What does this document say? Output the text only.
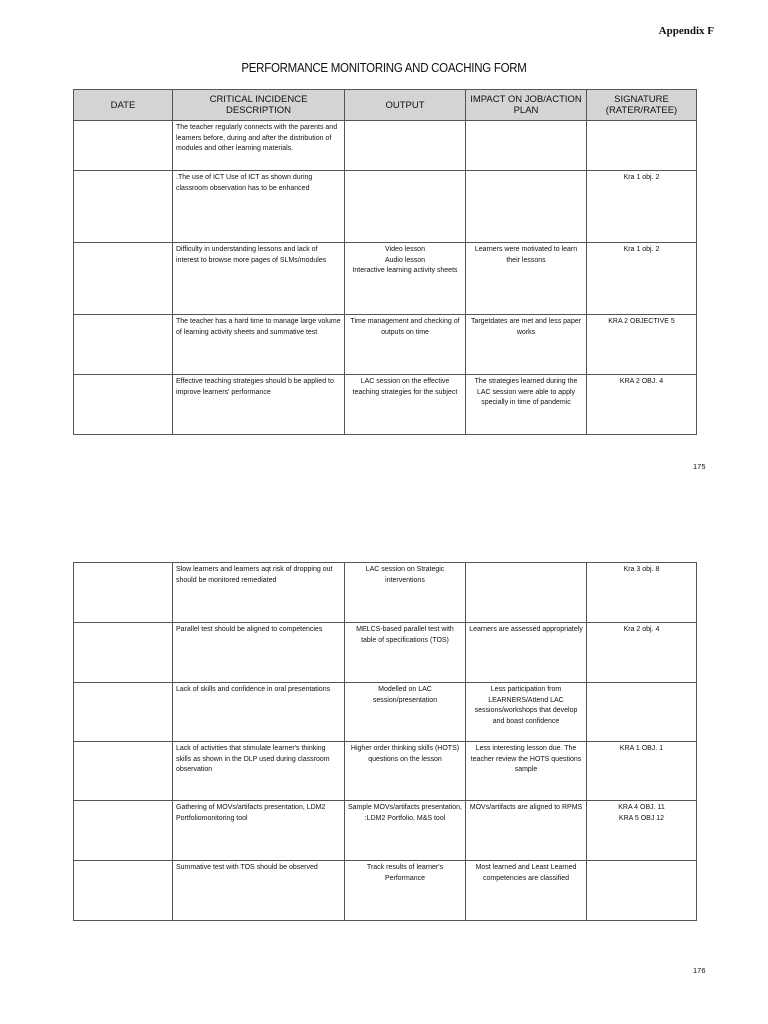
Appendix F
PERFORMANCE MONITORING AND COACHING FORM
DATE	CRITICAL INCIDENCE DESCRIPTION	OUTPUT	IMPACT ON JOB/ACTION PLAN	SIGNATURE (RATER/RATEE)
	The teacher regularly connects with the parents and learners before, during and after the distribution of modules and other learning materials.			
	.The use of ICT Use of ICT as shown during classroom observation has to be enhanced			Kra 1 obj. 2
	Difficulty in understanding lessons and lack of interest to browse more pages of SLMs/modules	Video lesson
Audio lesson
Interactive learning activity sheets	Learners were motivated to learn their lessons	Kra 1 obj. 2
	The teacher has a hard time to manage large volume of learning activity sheets and summative test	Time management and checking of outputs on time	Targetdates are met and less paper works	KRA 2 OBJECTIVE 5
	Effective teaching strategies should b be applied to improve learners' performance	LAC session on the effective teaching strategies for the subject	The strategies learned during the LAC session were able to apply specially in time of pandemic	KRA 2 OBJ. 4
175
	Slow learners and learners aqt risk of dropping out should be monitored remediated	LAC session on Strategic interventions		Kra 3 obj. 8
	Parallel test should be aligned to competencies	MELCS-based parallel test with table of specifications (TOS)	Learners are assessed appropriately	Kra 2 obj. 4
	Lack of skills and confidence in oral presentations	Modelled on LAC session/presentation	Less participation from LEARNERS/Attend LAC sessions/workshops that develop and boast confidence	
	Lack of activities that stimulate learner's thinking skills as shown in the DLP used during classroom observation	Higher order thinking skills (HOTS) questions on the lesson	Less interesting lesson due. The teacher review the HOTS questions sample	KRA 1 OBJ. 1
	Gathering of MOVs/artifacts presentation, LDM2 Portfoliomonitoring tool	Sample MOVs/artifacts presentation, :LDM2 Portfolio, M&S tool	MOVs/artifacts are aligned to RPMS	KRA 4 OBJ. 11
KRA 5 OBJ 12
	Summative test with TOS should be observed	Track results of learner's Performance	Most learned and Least Learned competencies are classified	
176
